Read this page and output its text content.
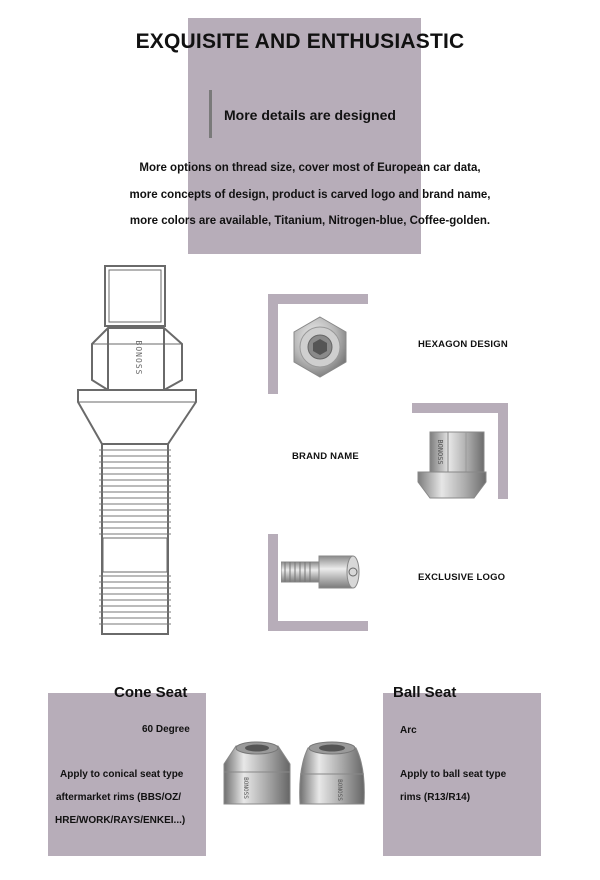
EXQUISITE AND ENTHUSIASTIC
More details are designed
More options on thread size, cover most of European car data,
more concepts of design, product is carved logo and brand name,
more colors are available, Titanium, Nitrogen-blue, Coffee-golden.
BONOSS	HEXAGON DESIGN
BRAND NAME	BONOSS
EXCLUSIVE LOGO
Cone Seat
60 Degree
Apply to conical seat type
aftermarket rims (BBS/OZ/
HRE/WORK/RAYS/ENKEI...)
Ball Seat
Arc
Apply to ball seat type
rims (R13/R14)
BONOSS	BONOSS
